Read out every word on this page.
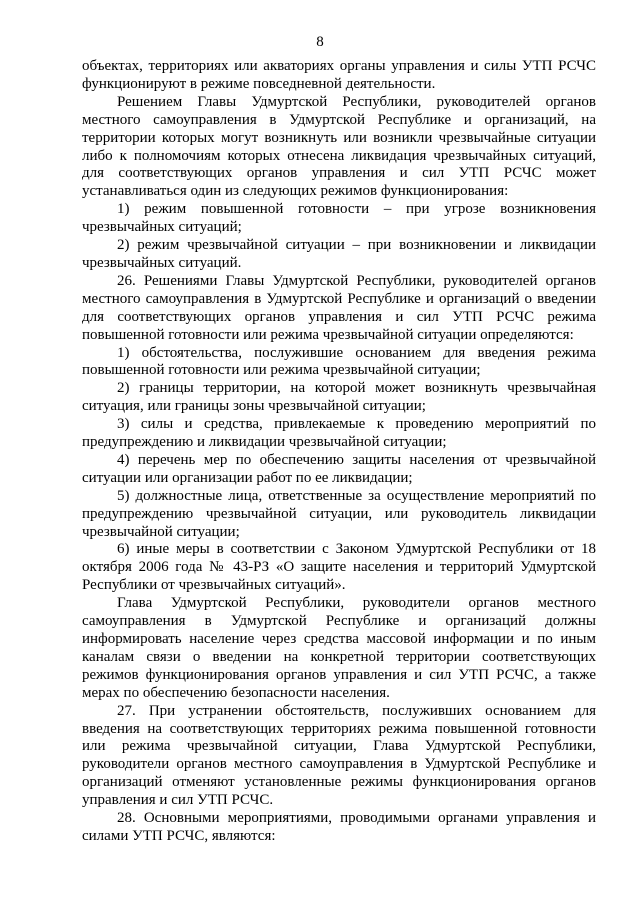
8

объектах, территориях или акваториях органы управления и силы УТП РСЧС функционируют в режиме повседневной деятельности.

Решением Главы Удмуртской Республики, руководителей органов местного самоуправления в Удмуртской Республике и организаций, на территории которых могут возникнуть или возникли чрезвычайные ситуации либо к полномочиям которых отнесена ликвидация чрезвычайных ситуаций, для соответствующих органов управления и сил УТП РСЧС может устанавливаться один из следующих режимов функционирования:

1) режим повышенной готовности – при угрозе возникновения чрезвычайных ситуаций;

2) режим чрезвычайной ситуации – при возникновении и ликвидации чрезвычайных ситуаций.

26. Решениями Главы Удмуртской Республики, руководителей органов местного самоуправления в Удмуртской Республике и организаций о введении для соответствующих органов управления и сил УТП РСЧС режима повышенной готовности или режима чрезвычайной ситуации определяются:

1) обстоятельства, послужившие основанием для введения режима повышенной готовности или режима чрезвычайной ситуации;

2) границы территории, на которой может возникнуть чрезвычайная ситуация, или границы зоны чрезвычайной ситуации;

3) силы и средства, привлекаемые к проведению мероприятий по предупреждению и ликвидации чрезвычайной ситуации;

4) перечень мер по обеспечению защиты населения от чрезвычайной ситуации или организации работ по ее ликвидации;

5) должностные лица, ответственные за осуществление мероприятий по предупреждению чрезвычайной ситуации, или руководитель ликвидации чрезвычайной ситуации;

6) иные меры в соответствии с Законом Удмуртской Республики от 18 октября 2006 года № 43-РЗ «О защите населения и территорий Удмуртской Республики от чрезвычайных ситуаций».

Глава Удмуртской Республики, руководители органов местного самоуправления в Удмуртской Республике и организаций должны информировать население через средства массовой информации и по иным каналам связи о введении на конкретной территории соответствующих режимов функционирования органов управления и сил УТП РСЧС, а также мерах по обеспечению безопасности населения.

27. При устранении обстоятельств, послуживших основанием для введения на соответствующих территориях режима повышенной готовности или режима чрезвычайной ситуации, Глава Удмуртской Республики, руководители органов местного самоуправления в Удмуртской Республике и организаций отменяют установленные режимы функционирования органов управления и сил УТП РСЧС.

28. Основными мероприятиями, проводимыми органами управления и силами УТП РСЧС, являются:
